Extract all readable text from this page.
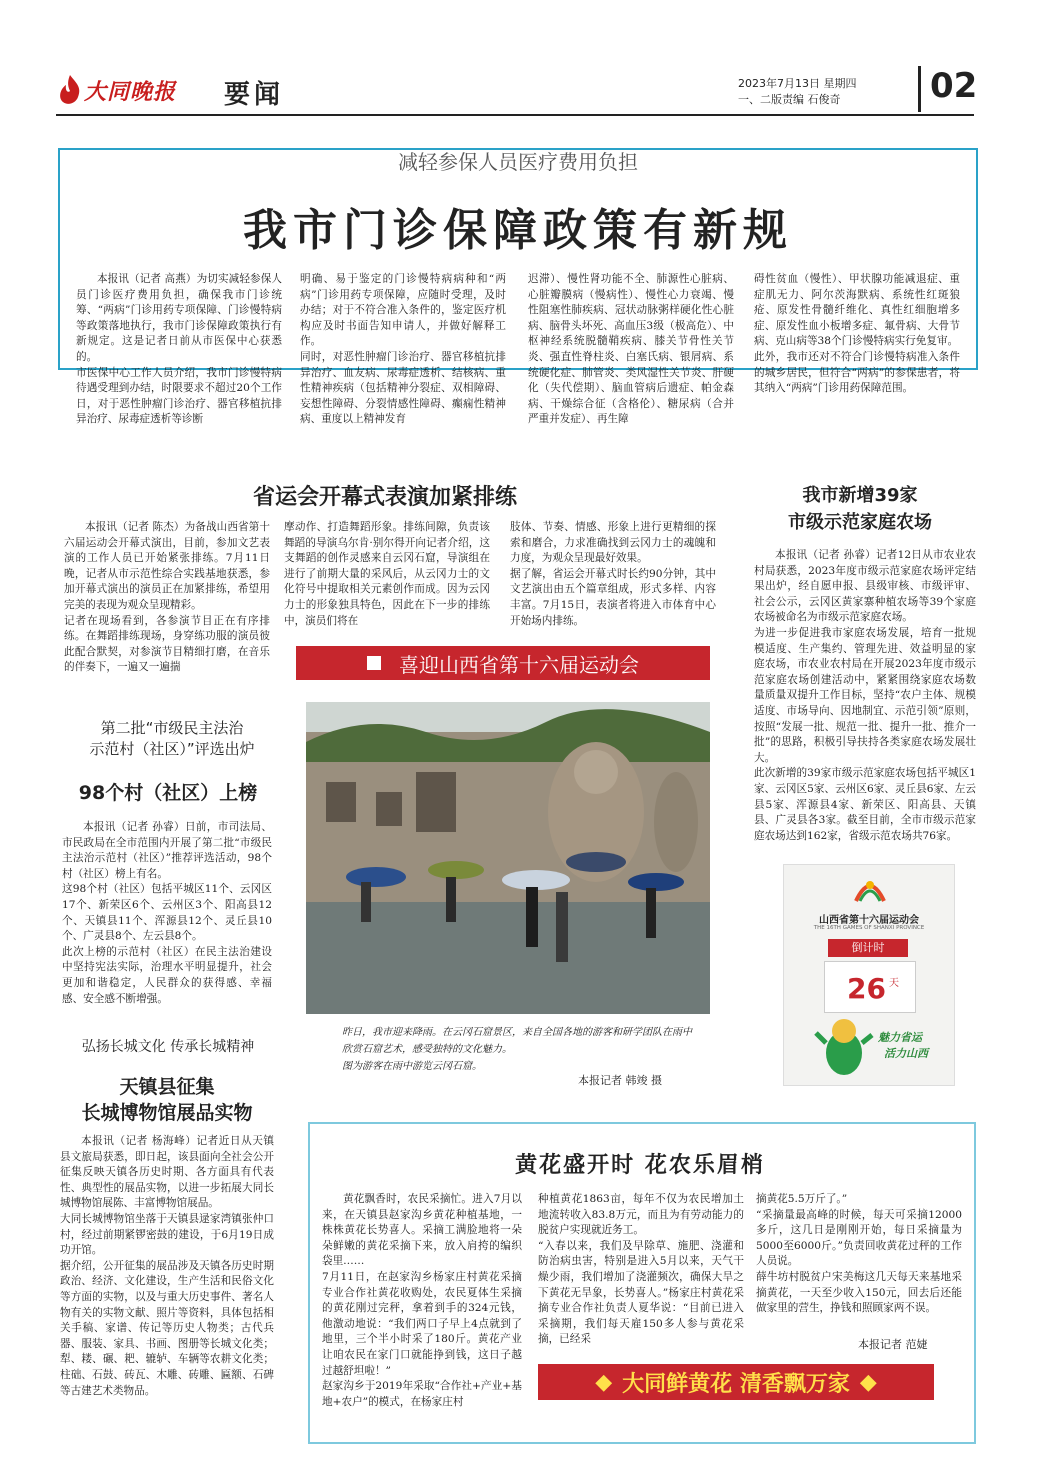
大同晚报 要闻	2023年7月13日 星期四
一、二版责编 石俊奇	02
减轻参保人员医疗费用负担
我市门诊保障政策有新规

本报讯（记者 高燕）为切实减轻参保人员门诊医疗费用负担，确保我市门诊统筹、“两病”门诊用药专项保障、门诊慢特病等政策落地执行，我市门诊保障政策执行有新规定。这是记者日前从市医保中心获悉的。
市医保中心工作人员介绍，我市门诊慢特病待遇受理到办结，时限要求不超过20个工作日，对于恶性肿瘤门诊治疗、器官移植抗排异治疗、尿毒症透析等诊断

明确、易于鉴定的门诊慢特病病种和“两病”门诊用药专项保障，应随时受理，及时办结；对于不符合准入条件的，鉴定医疗机构应及时书面告知申请人，并做好解释工作。
同时，对恶性肿瘤门诊治疗、器官移植抗排异治疗、血友病、尿毒症透析、结核病、重性精神疾病（包括精神分裂症、双相障碍、妄想性障碍、分裂情感性障碍、癫痫性精神病、重度以上精神发育

迟滞）、慢性肾功能不全、肺源性心脏病、心脏瓣膜病（慢病性）、慢性心力衰竭、慢性阻塞性肺疾病、冠状动脉粥样硬化性心脏病、脑骨头坏死、高血压3级（极高危）、中枢神经系统脱髓鞘疾病、膝关节骨性关节炎、强直性脊柱炎、白塞氏病、银屑病、系统硬化症、肺管炎、类风湿性关节炎、肝硬化（失代偿期）、脑血管病后遗症、帕金森病、干燥综合征（含格伦）、糖尿病（合并严重并发症）、再生障

碍性贫血（慢性）、甲状腺功能减退症、重症肌无力、阿尔茨海默病、系统性红斑狼疮、原发性骨髓纤维化、真性红细胞增多症、原发性血小板增多症、氟骨病、大骨节病、克山病等38个门诊慢特病实行免复审。
此外，我市还对不符合门诊慢特病准入条件的城乡居民，但符合“两病”的参保患者，将其纳入“两病”门诊用药保障范围。

省运会开幕式表演加紧排练

本报讯（记者 陈杰）为备战山西省第十六届运动会开幕式演出，目前，参加文艺表演的工作人员已开始紧张排练。7月11日晚，记者从市示范性综合实践基地获悉，参加开幕式演出的演员正在加紧排练，希望用完美的表现为观众呈现精彩。
记者在现场看到，各参演节目正在有序排练。在舞蹈排练现场，身穿练功服的演员彼此配合默契，对参演节目精细打磨，在音乐的伴奏下，一遍又一遍揣

摩动作、打造舞蹈形象。排练间隙，负责该舞蹈的导演乌尔肯·别尔得开向记者介绍，这支舞蹈的创作灵感来自云冈石窟，导演组在进行了前期大量的采风后，从云冈力士的文化符号中提取相关元素创作而成。因为云冈力士的形象独具特色，因此在下一步的排练中，演员们将在

肢体、节奏、情感、形象上进行更精细的探索和磨合，力求准确找到云冈力士的魂魄和力度，为观众呈现最好效果。
据了解，省运会开幕式时长约90分钟，其中文艺演出由五个篇章组成，形式多样、内容丰富。7月15日，表演者将进入市体育中心开始场内排练。

喜迎山西省第十六届运动会

昨日，我市迎来降雨。在云冈石窟景区，来自全国各地的游客和研学团队在雨中欣赏石窟艺术，感受独特的文化魅力。
图为游客在雨中游览云冈石窟。

本报记者 韩竣 摄
第二批“市级民主法治
示范村（社区）”评选出炉
98个村（社区）上榜

本报讯（记者 孙睿）日前，市司法局、市民政局在全市范围内开展了第二批“市级民主法治示范村（社区）”推荐评选活动，98个村（社区）榜上有名。
这98个村（社区）包括平城区11个、云冈区17个、新荣区6个、云州区3个、阳高县12个、天镇县11个、浑源县12个、灵丘县10个、广灵县8个、左云县8个。
此次上榜的示范村（社区）在民主法治建设中坚持宪法实际，治理水平明显提升，社会更加和谐稳定，人民群众的获得感、幸福感、安全感不断增强。

弘扬长城文化 传承长城精神
天镇县征集
长城博物馆展品实物

本报讯（记者 杨海峰）记者近日从天镇县文旅局获悉，即日起，该县面向全社会公开征集反映天镇各历史时期、各方面具有代表性、典型性的展品实物，以进一步拓展大同长城博物馆展陈、丰富博物馆展品。
大同长城博物馆坐落于天镇县逯家湾镇张仲口村，经过前期紧锣密鼓的建设，于6月19日成功开馆。
据介绍，公开征集的展品涉及天镇各历史时期政治、经济、文化建设，生产生活和民俗文化等方面的实物，以及与重大历史事件、著名人物有关的实物文献、照片等资料，具体包括相关手稿、家谱、传记等历史人物类；古代兵器、服装、家具、书画、图册等长城文化类；犁、耧、碾、耙、辘轳、车辆等农耕文化类；柱础、石鼓、砖瓦、木雕、砖雕、匾额、石碑等古建艺术类物品。

我市新增39家
市级示范家庭农场

本报讯（记者 孙睿）记者12日从市农业农村局获悉，2023年度市级示范家庭农场评定结果出炉，经自愿申报、县级审核、市级评审、社会公示，云冈区黄家寨种植农场等39个家庭农场被命名为市级示范家庭农场。
为进一步促进我市家庭农场发展，培育一批规模适度、生产集约、管理先进、效益明显的家庭农场，市农业农村局在开展2023年度市级示范家庭农场创建活动中，紧紧围绕家庭农场数量质量双提升工作目标，坚持“农户主体、规模适度、市场导向、因地制宜、示范引领”原则，按照“发展一批、规范一批、提升一批、推介一批”的思路，积极引导扶持各类家庭农场发展壮大。
此次新增的39家市级示范家庭农场包括平城区1家、云冈区5家、云州区6家、灵丘县6家、左云县5家、浑源县4家、新荣区、阳高县、天镇县、广灵县各3家。截至目前，全市市级示范家庭农场达到162家，省级示范农场共76家。

山西省第十六届运动会
THE 16TH GAMES OF SHANXI PROVINCE
倒计时
26 天
魅力省运
活力山西
黄花盛开时 花农乐眉梢

黄花飘香时，农民采摘忙。进入7月以来，在天镇县赵家沟乡黄花种植基地，一株株黄花长势喜人。采摘工满脸地将一朵朵鲜嫩的黄花采摘下来，放入肩挎的编织袋里……
7月11日，在赵家沟乡杨家庄村黄花采摘专业合作社黄花收购处，农民夏体生采摘的黄花刚过完秤，拿着到手的324元钱，他激动地说：“我们两口子早上4点就到了地里，三个半小时采了180斤。黄花产业让咱农民在家门口就能挣到钱，这日子越过越舒坦啦！”
赵家沟乡于2019年采取“合作社+产业+基地+农户”的模式，在杨家庄村

种植黄花1863亩，每年不仅为农民增加土地流转收入83.8万元，而且为有劳动能力的脱贫户实现就近务工。
“入春以来，我们及早除草、施肥、浇灌和防治病虫害，特别是进入5月以来，天气干燥少雨，我们增加了浇灌频次，确保大旱之下黄花无旱象，长势喜人。”杨家庄村黄花采摘专业合作社负责人夏华说：“目前已进入采摘期，我们每天雇150多人参与黄花采摘，已经采

摘黄花5.5万斤了。”
“采摘量最高峰的时候，每天可采摘12000多斤，这几日是刚刚开始，每日采摘量为5000至6000斤。”负责回收黄花过秤的工作人员说。
薛牛坊村脱贫户宋美梅这几天每天来基地采摘黄花，一天至少收入150元，回去后还能做家里的营生，挣钱和照顾家两不误。

本报记者 范婕
◆ 大同鲜黄花 清香飘万家 ◆
